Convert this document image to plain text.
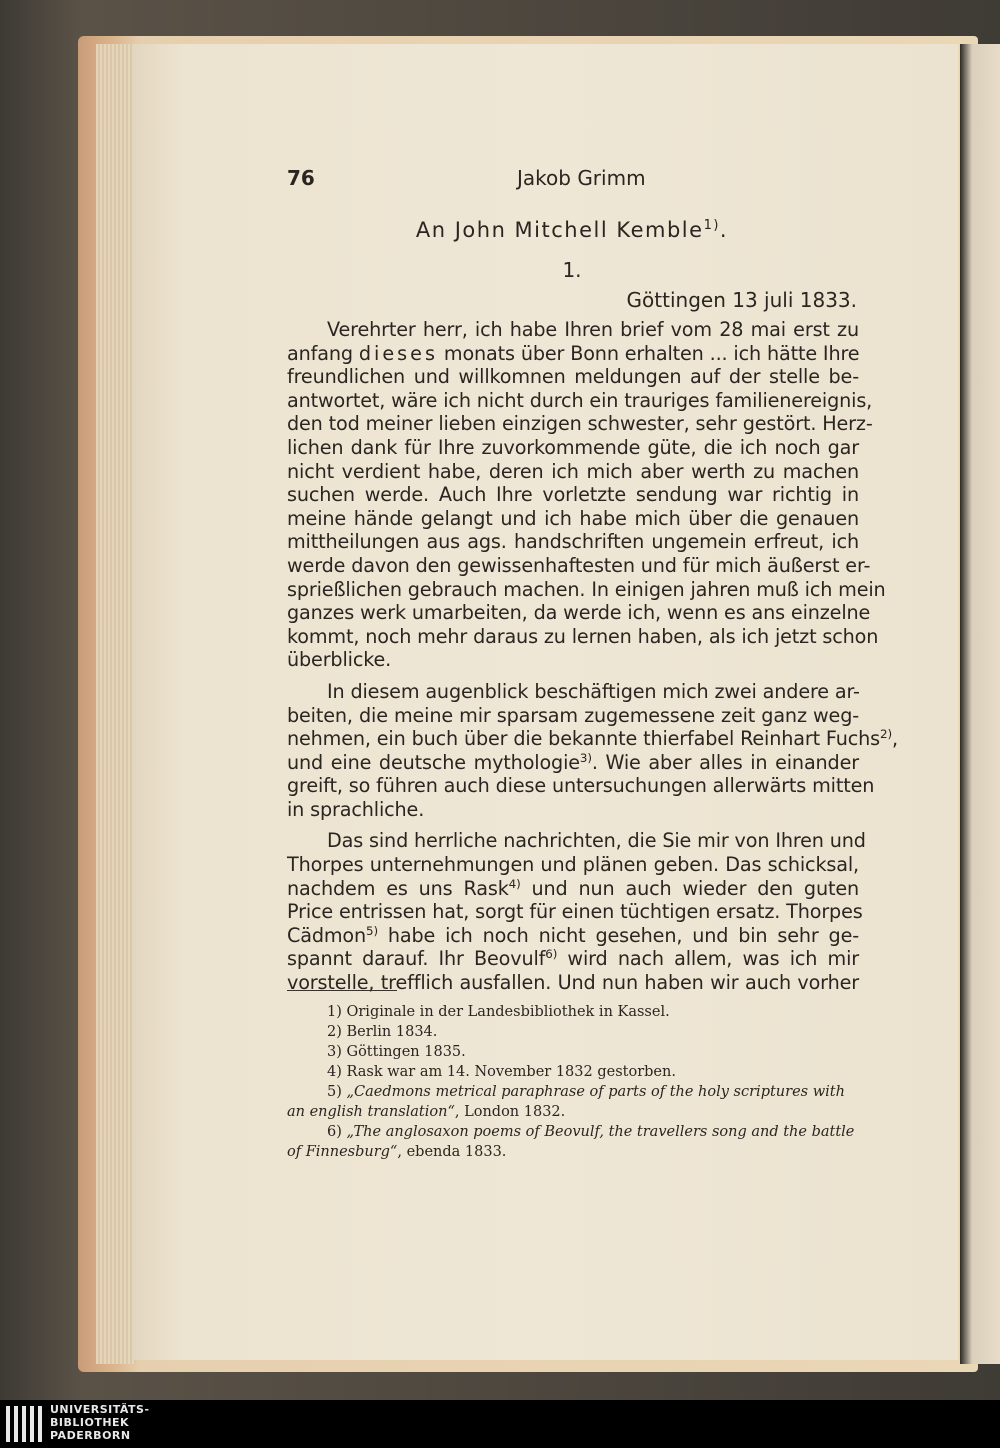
76	Jakob Grimm
An John Mitchell Kemble$^{1)}$.
1.
Göttingen 13 juli 1833.
Verehrter herr, ich habe Ihren brief vom 28 mai erst zu
anfang dieses monats über Bonn erhalten ... ich hätte Ihre
freundlichen und willkomnen meldungen auf der stelle be-
antwortet, wäre ich nicht durch ein trauriges familienereignis,
den tod meiner lieben einzigen schwester, sehr gestört. Herz-
lichen dank für Ihre zuvorkommende güte, die ich noch gar
nicht verdient habe, deren ich mich aber werth zu machen
suchen werde. Auch Ihre vorletzte sendung war richtig in
meine hände gelangt und ich habe mich über die genauen
mittheilungen aus ags. handschriften ungemein erfreut, ich
werde davon den gewissenhaftesten und für mich äußerst er-
sprießlichen gebrauch machen. In einigen jahren muß ich mein
ganzes werk umarbeiten, da werde ich, wenn es ans einzelne
kommt, noch mehr daraus zu lernen haben, als ich jetzt schon
überblicke.
In diesem augenblick beschäftigen mich zwei andere ar-
beiten, die meine mir sparsam zugemessene zeit ganz weg-
nehmen, ein buch über die bekannte thierfabel Reinhart Fuchs$^{2)}$,
und eine deutsche mythologie$^{3)}$. Wie aber alles in einander
greift, so führen auch diese untersuchungen allerwärts mitten
in sprachliche.
Das sind herrliche nachrichten, die Sie mir von Ihren und
Thorpes unternehmungen und plänen geben. Das schicksal,
nachdem es uns Rask$^{4)}$ und nun auch wieder den guten
Price entrissen hat, sorgt für einen tüchtigen ersatz. Thorpes
Cädmon$^{5)}$ habe ich noch nicht gesehen, und bin sehr ge-
spannt darauf. Ihr Beovulf$^{6)}$ wird nach allem, was ich mir
vorstelle, trefflich ausfallen. Und nun haben wir auch vorher
1) Originale in der Landesbibliothek in Kassel.
2) Berlin 1834.
3) Göttingen 1835.
4) Rask war am 14. November 1832 gestorben.
5) „Caedmons metrical paraphrase of parts of the holy scriptures with
an english translation“, London 1832.
6) „The anglosaxon poems of Beovulf, the travellers song and the battle
of Finnesburg“, ebenda 1833.
UNIVERSITÄTS-
BIBLIOTHEK
PADERBORN
